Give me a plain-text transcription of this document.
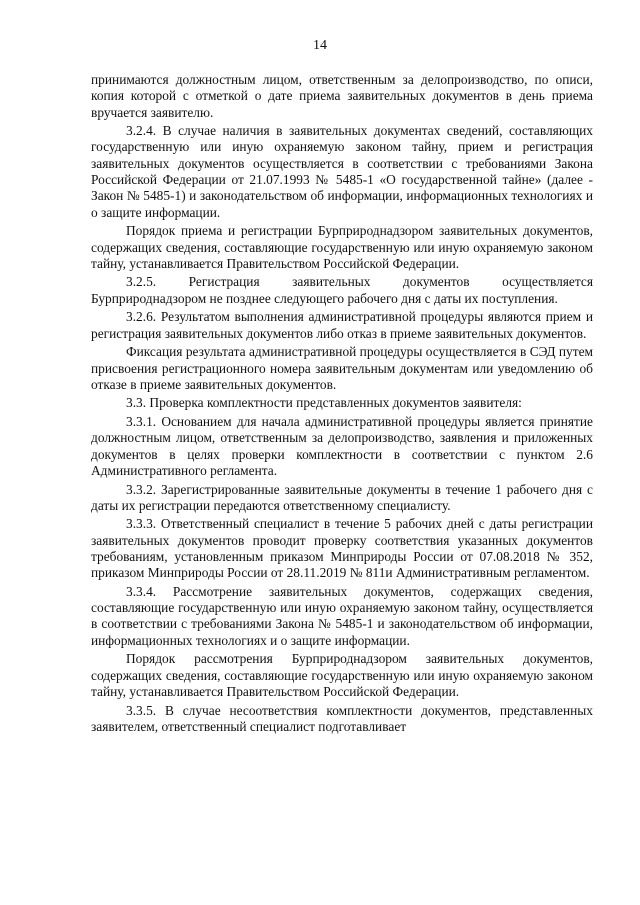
14

принимаются должностным лицом, ответственным за делопроизводство, по описи, копия которой с отметкой о дате приема заявительных документов в день приема вручается заявителю.

3.2.4. В случае наличия в заявительных документах сведений, составляющих государственную или иную охраняемую законом тайну, прием и регистрация заявительных документов осуществляется в соответствии с требованиями Закона Российской Федерации от 21.07.1993 № 5485-1 «О государственной тайне» (далее - Закон № 5485-1) и законодательством об информации, информационных технологиях и о защите информации.

Порядок приема и регистрации Бурприроднадзором заявительных документов, содержащих сведения, составляющие государственную или иную охраняемую законом тайну, устанавливается Правительством Российской Федерации.

3.2.5. Регистрация заявительных документов осуществляется Бурприроднадзором не позднее следующего рабочего дня с даты их поступления.

3.2.6. Результатом выполнения административной процедуры являются прием и регистрация заявительных документов либо отказ в приеме заявительных документов.

Фиксация результата административной процедуры осуществляется в СЭД путем присвоения регистрационного номера заявительным документам или уведомлению об отказе в приеме заявительных документов.

3.3. Проверка комплектности представленных документов заявителя:

3.3.1. Основанием для начала административной процедуры является принятие должностным лицом, ответственным за делопроизводство, заявления и приложенных документов в целях проверки комплектности в соответствии с пунктом 2.6 Административного регламента.

3.3.2. Зарегистрированные заявительные документы в течение 1 рабочего дня с даты их регистрации передаются ответственному специалисту.

3.3.3. Ответственный специалист в течение 5 рабочих дней с даты регистрации заявительных документов проводит проверку соответствия указанных документов требованиям, установленным приказом Минприроды России от 07.08.2018 № 352, приказом Минприроды России от 28.11.2019 № 811и Административным регламентом.

3.3.4. Рассмотрение заявительных документов, содержащих сведения, составляющие государственную или иную охраняемую законом тайну, осуществляется в соответствии с требованиями Закона № 5485-1 и законодательством об информации, информационных технологиях и о защите информации.

Порядок рассмотрения Бурприроднадзором заявительных документов, содержащих сведения, составляющие государственную или иную охраняемую законом тайну, устанавливается Правительством Российской Федерации.

3.3.5. В случае несоответствия комплектности документов, представленных заявителем, ответственный специалист подготавливает
